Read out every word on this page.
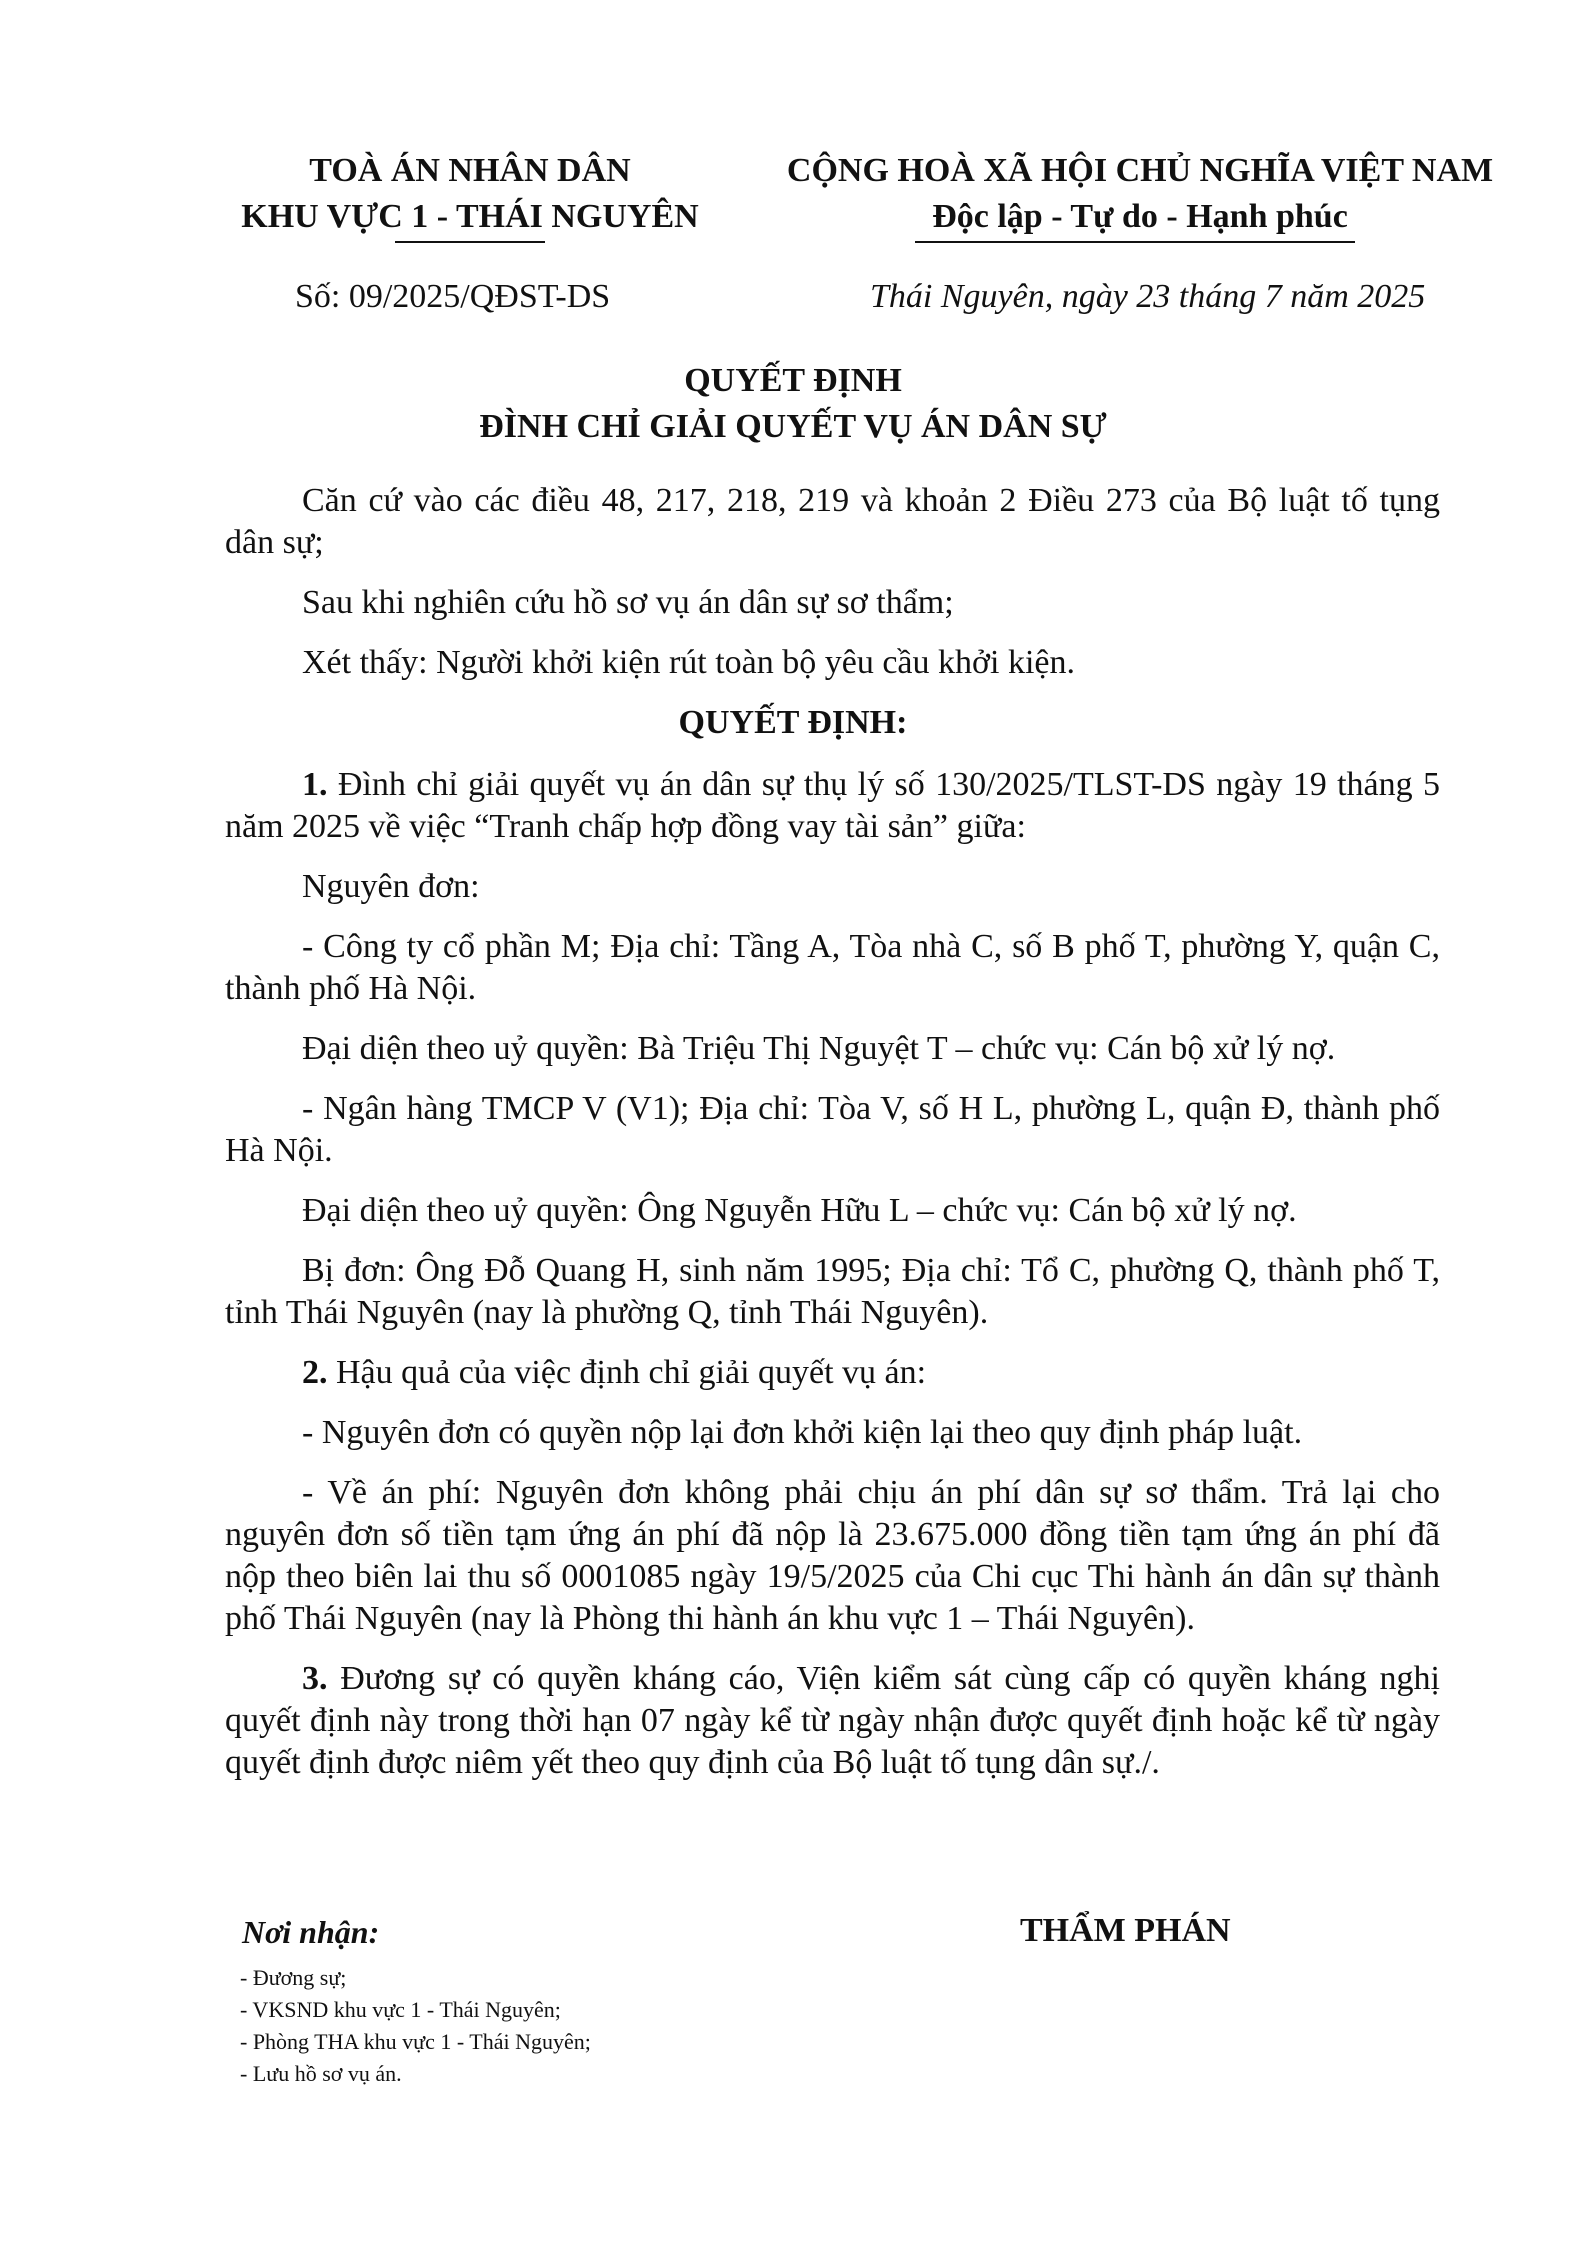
TOÀ ÁN NHÂN DÂN
KHU VỰC 1 - THÁI NGUYÊN
CỘNG HOÀ XÃ HỘI CHỦ NGHĨA VIỆT NAM
Độc lập - Tự do - Hạnh phúc
Số: 09/2025/QĐST-DS	Thái Nguyên, ngày 23 tháng 7 năm 2025
QUYẾT ĐỊNH
ĐÌNH CHỈ GIẢI QUYẾT VỤ ÁN DÂN SỰ

Căn cứ vào các điều 48, 217, 218, 219 và khoản 2 Điều 273 của Bộ luật tố tụng dân sự;

Sau khi nghiên cứu hồ sơ vụ án dân sự sơ thẩm;

Xét thấy: Người khởi kiện rút toàn bộ yêu cầu khởi kiện.

QUYẾT ĐỊNH:

1. Đình chỉ giải quyết vụ án dân sự thụ lý số 130/2025/TLST-DS ngày 19 tháng 5 năm 2025 về việc “Tranh chấp hợp đồng vay tài sản” giữa:

Nguyên đơn:

- Công ty cổ phần M; Địa chỉ: Tầng A, Tòa nhà C, số B phố T, phường Y, quận C, thành phố Hà Nội.

Đại diện theo uỷ quyền: Bà Triệu Thị Nguyệt T – chức vụ: Cán bộ xử lý nợ.

- Ngân hàng TMCP V (V1); Địa chỉ: Tòa V, số H L, phường L, quận Đ, thành phố Hà Nội.

Đại diện theo uỷ quyền: Ông Nguyễn Hữu L – chức vụ: Cán bộ xử lý nợ.

Bị đơn: Ông Đỗ Quang H, sinh năm 1995; Địa chỉ: Tổ C, phường Q, thành phố T, tỉnh Thái Nguyên (nay là phường Q, tỉnh Thái Nguyên).

2. Hậu quả của việc định chỉ giải quyết vụ án:

- Nguyên đơn có quyền nộp lại đơn khởi kiện lại theo quy định pháp luật.

- Về án phí: Nguyên đơn không phải chịu án phí dân sự sơ thẩm. Trả lại cho nguyên đơn số tiền tạm ứng án phí đã nộp là 23.675.000 đồng tiền tạm ứng án phí đã nộp theo biên lai thu số 0001085 ngày 19/5/2025 của Chi cục Thi hành án dân sự thành phố Thái Nguyên (nay là Phòng thi hành án khu vực 1 – Thái Nguyên).

3. Đương sự có quyền kháng cáo, Viện kiểm sát cùng cấp có quyền kháng nghị quyết định này trong thời hạn 07 ngày kể từ ngày nhận được quyết định hoặc kể từ ngày quyết định được niêm yết theo quy định của Bộ luật tố tụng dân sự./.

Nơi nhận:
- Đương sự;
- VKSND khu vực 1 - Thái Nguyên;
- Phòng THA khu vực 1 - Thái Nguyên;
- Lưu hồ sơ vụ án.
THẨM PHÁN
